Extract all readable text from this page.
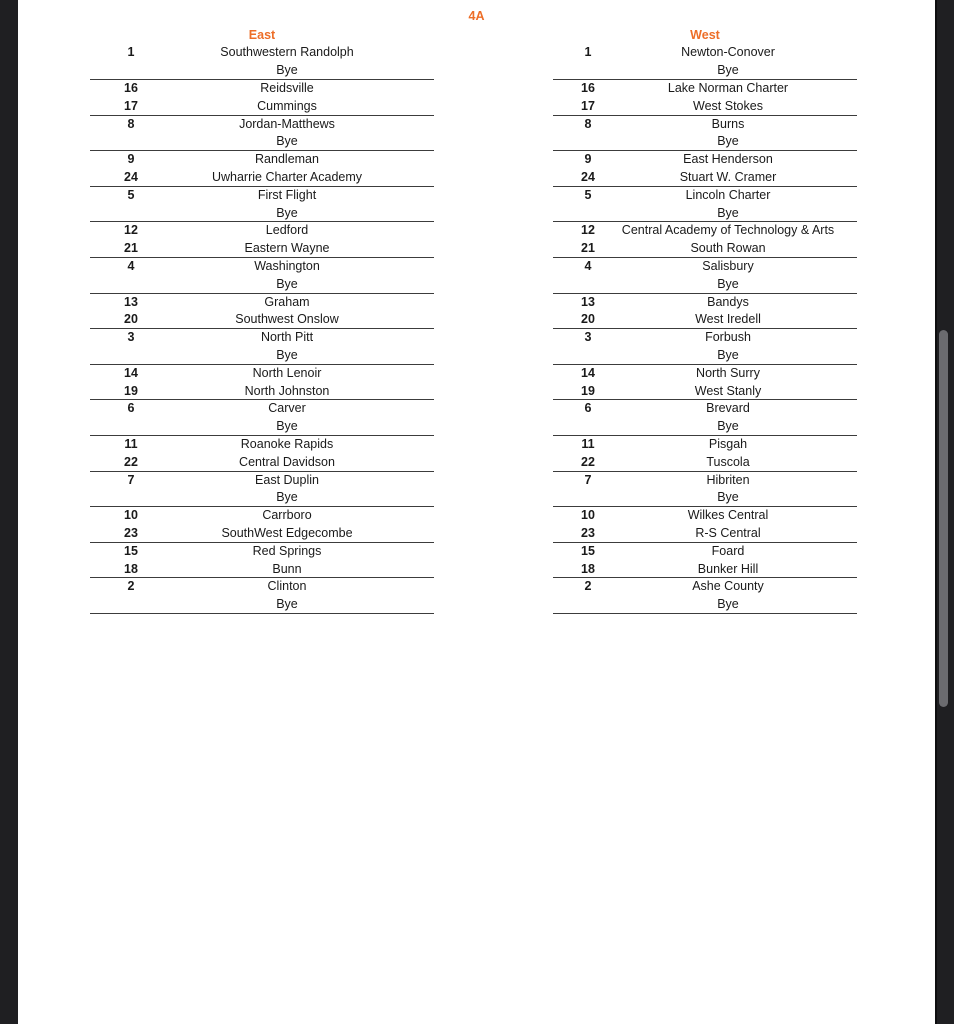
4A
East
1	Southwestern Randolph
Bye
16	Reidsville
17	Cummings
8	Jordan-Matthews
Bye
9	Randleman
24	Uwharrie Charter Academy
5	First Flight
Bye
12	Ledford
21	Eastern Wayne
4	Washington
Bye
13	Graham
20	Southwest Onslow
3	North Pitt
Bye
14	North Lenoir
19	North Johnston
6	Carver
Bye
11	Roanoke Rapids
22	Central Davidson
7	East Duplin
Bye
10	Carrboro
23	SouthWest Edgecombe
15	Red Springs
18	Bunn
2	Clinton
Bye
West
1	Newton-Conover
Bye
16	Lake Norman Charter
17	West Stokes
8	Burns
Bye
9	East Henderson
24	Stuart W. Cramer
5	Lincoln Charter
Bye
12	Central Academy of Technology & Arts
21	South Rowan
4	Salisbury
Bye
13	Bandys
20	West Iredell
3	Forbush
Bye
14	North Surry
19	West Stanly
6	Brevard
Bye
11	Pisgah
22	Tuscola
7	Hibriten
Bye
10	Wilkes Central
23	R-S Central
15	Foard
18	Bunker Hill
2	Ashe County
Bye
